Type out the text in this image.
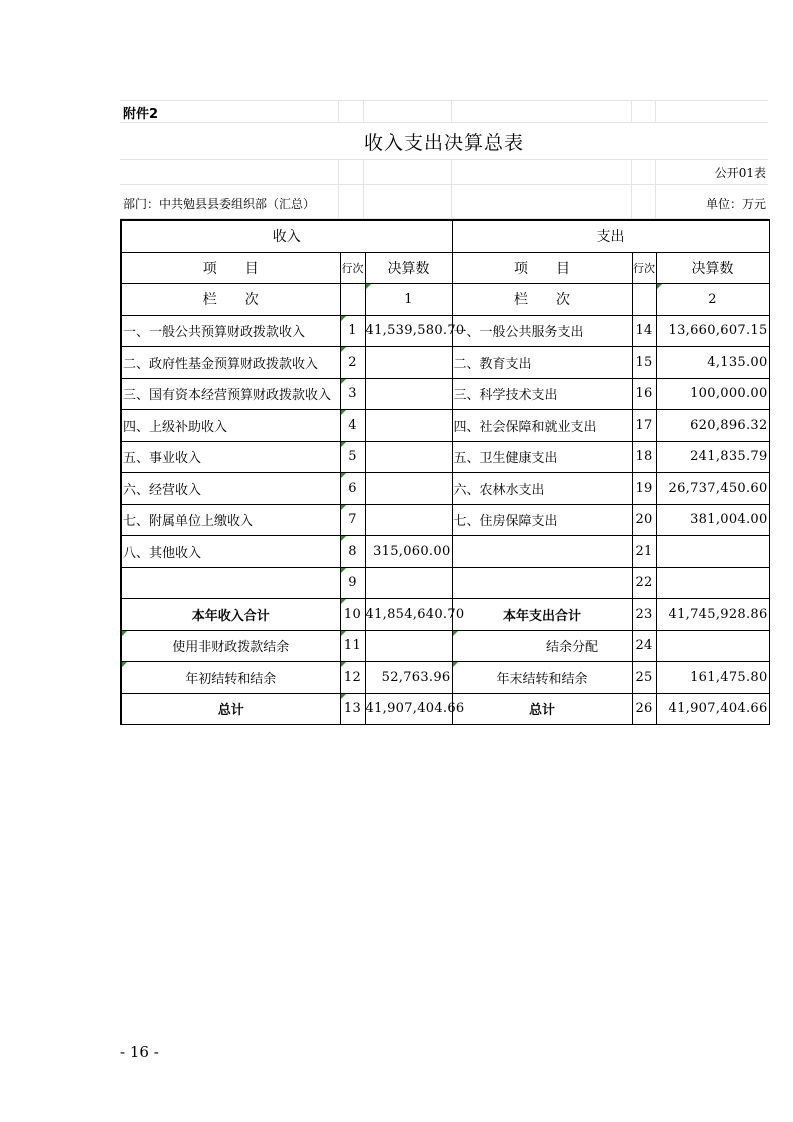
附件2
收入支出决算总表
公开01表
部门：中共勉县县委组织部（汇总）	单位：万元
收入			支出		
项　　目	行次	决算数	项　　目	行次	决算数
栏　　次		1	栏　　次		2
一、一般公共预算财政拨款收入	1	41,539,580.70	一、一般公共服务支出	14	13,660,607.15
二、政府性基金预算财政拨款收入	2		二、教育支出	15	4,135.00
三、国有资本经营预算财政拨款收入	3		三、科学技术支出	16	100,000.00
四、上级补助收入	4		四、社会保障和就业支出	17	620,896.32
五、事业收入	5		五、卫生健康支出	18	241,835.79
六、经营收入	6		六、农林水支出	19	26,737,450.60
七、附属单位上缴收入	7		七、住房保障支出	20	381,004.00
八、其他收入	8	315,060.00		21	
	9			22	
本年收入合计	10	41,854,640.70	本年支出合计	23	41,745,928.86
使用非财政拨款结余	11		结余分配	24	
年初结转和结余	12	52,763.96	年末结转和结余	25	161,475.80
总计	13	41,907,404.66	总计	26	41,907,404.66
- 16 -
